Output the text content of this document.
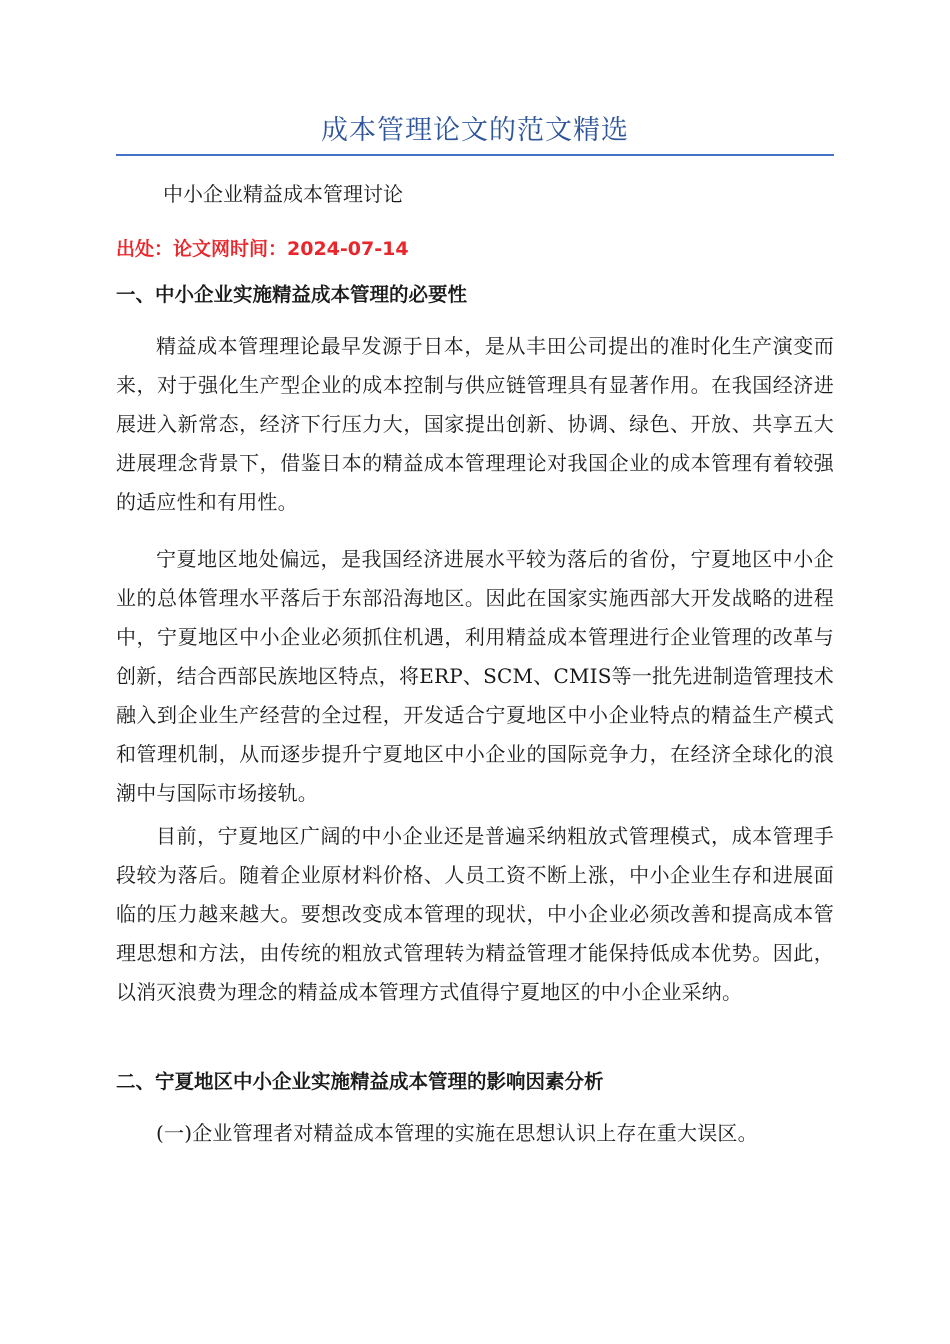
成本管理论文的范文精选
中小企业精益成本管理讨论
出处：论文网时间：2024-07-14
一、中小企业实施精益成本管理的必要性
精益成本管理理论最早发源于日本，是从丰田公司提出的准时化生产演变而来，对于强化生产型企业的成本控制与供应链管理具有显著作用。在我国经济进展进入新常态，经济下行压力大，国家提出创新、协调、绿色、开放、共享五大进展理念背景下，借鉴日本的精益成本管理理论对我国企业的成本管理有着较强的适应性和有用性。
宁夏地区地处偏远，是我国经济进展水平较为落后的省份，宁夏地区中小企业的总体管理水平落后于东部沿海地区。因此在国家实施西部大开发战略的进程中，宁夏地区中小企业必须抓住机遇，利用精益成本管理进行企业管理的改革与创新，结合西部民族地区特点，将ERP、SCM、CMIS等一批先进制造管理技术融入到企业生产经营的全过程，开发适合宁夏地区中小企业特点的精益生产模式和管理机制，从而逐步提升宁夏地区中小企业的国际竞争力，在经济全球化的浪潮中与国际市场接轨。
目前，宁夏地区广阔的中小企业还是普遍采纳粗放式管理模式，成本管理手段较为落后。随着企业原材料价格、人员工资不断上涨，中小企业生存和进展面临的压力越来越大。要想改变成本管理的现状，中小企业必须改善和提高成本管理思想和方法，由传统的粗放式管理转为精益管理才能保持低成本优势。因此，以消灭浪费为理念的精益成本管理方式值得宁夏地区的中小企业采纳。
二、宁夏地区中小企业实施精益成本管理的影响因素分析
(一)企业管理者对精益成本管理的实施在思想认识上存在重大误区。
